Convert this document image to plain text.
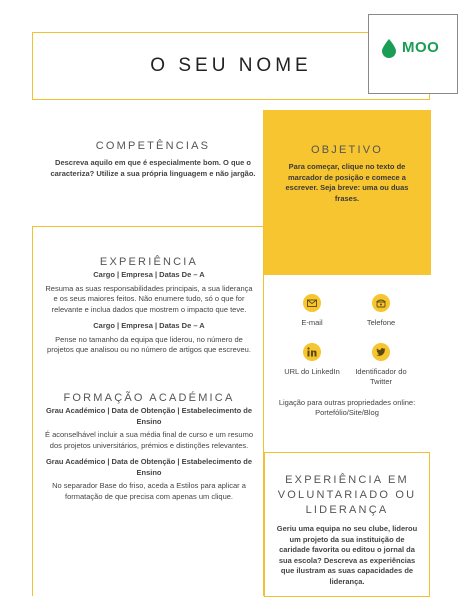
O SEU NOME
MOO
COMPETÊNCIAS
Descreva aquilo em que é especialmente bom. O que o caracteriza? Utilize a sua própria linguagem e não jargão.
OBJETIVO
Para começar, clique no texto de marcador de posição e comece a escrever. Seja breve: uma ou duas frases.
EXPERIÊNCIA
Cargo | Empresa | Datas De – A
Resuma as suas responsabilidades principais, a sua liderança e os seus maiores feitos. Não enumere tudo, só o que for relevante e inclua dados que mostrem o impacto que teve.
Cargo | Empresa | Datas De – A
Pense no tamanho da equipa que liderou, no número de projetos que analisou ou no número de artigos que escreveu.
FORMAÇÃO ACADÉMICA
Grau Académico | Data de Obtenção | Estabelecimento de Ensino
É aconselhável incluir a sua média final de curso e um resumo dos projetos universitários, prémios e distinções relevantes.
Grau Académico | Data de Obtenção | Estabelecimento de Ensino
No separador Base do friso, aceda a Estilos para aplicar a formatação de que precisa com apenas um clique.
E-mail	Telefone
URL do LinkedIn	Identificador do Twitter
Ligação para outras propriedades online: Portefólio/Site/Blog
EXPERIÊNCIA EM VOLUNTARIADO OU LIDERANÇA
Geriu uma equipa no seu clube, liderou um projeto da sua instituição de caridade favorita ou editou o jornal da sua escola? Descreva as experiências que ilustram as suas capacidades de liderança.
